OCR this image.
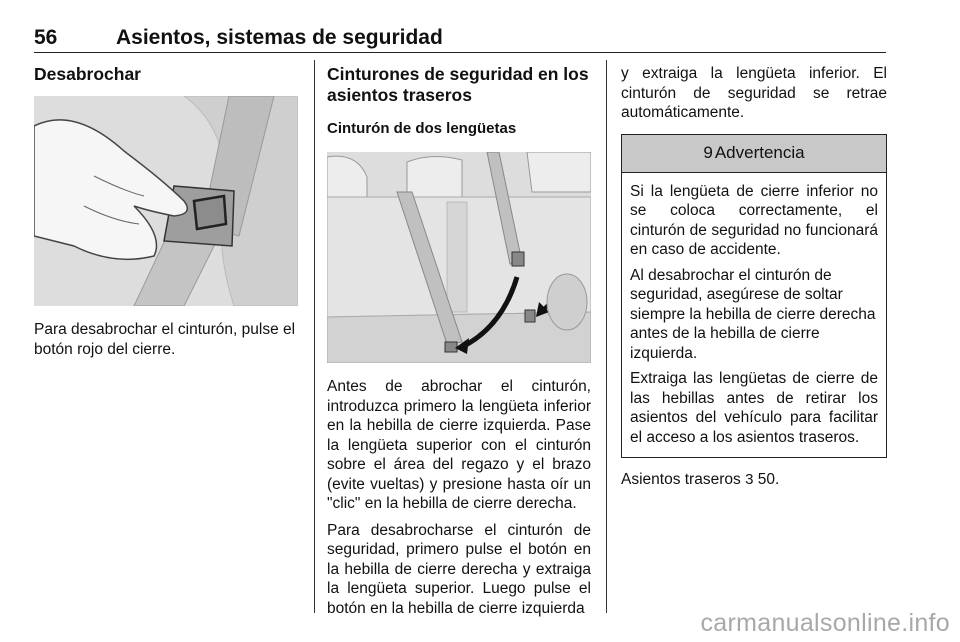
56	Asientos, sistemas de seguridad
Desabrochar

Para desabrochar el cinturón, pulse el botón rojo del cierre.

Cinturones de seguridad en los asientos traseros
Cinturón de dos lengüetas

Antes de abrochar el cinturón, introduzca primero la lengüeta inferior en la hebilla de cierre izquierda. Pase la lengüeta superior con el cinturón sobre el área del regazo y el brazo (evite vueltas) y presione hasta oír un "clic" en la hebilla de cierre derecha.

Para desabrocharse el cinturón de seguridad, primero pulse el botón en la hebilla de cierre derecha y extraiga la lengüeta superior. Luego pulse el botón en la hebilla de cierre izquierda

y extraiga la lengüeta inferior. El cinturón de seguridad se retrae automáticamente.

9 Advertencia

Si la lengüeta de cierre inferior no se coloca correctamente, el cinturón de seguridad no funcionará en caso de accidente.

Al desabrochar el cinturón de seguridad, asegúrese de soltar siempre la hebilla de cierre derecha antes de la hebilla de cierre izquierda.

Extraiga las lengüetas de cierre de las hebillas antes de retirar los asientos del vehículo para facilitar el acceso a los asientos traseros.

Asientos traseros 3 50.

carmanualsonline.info
